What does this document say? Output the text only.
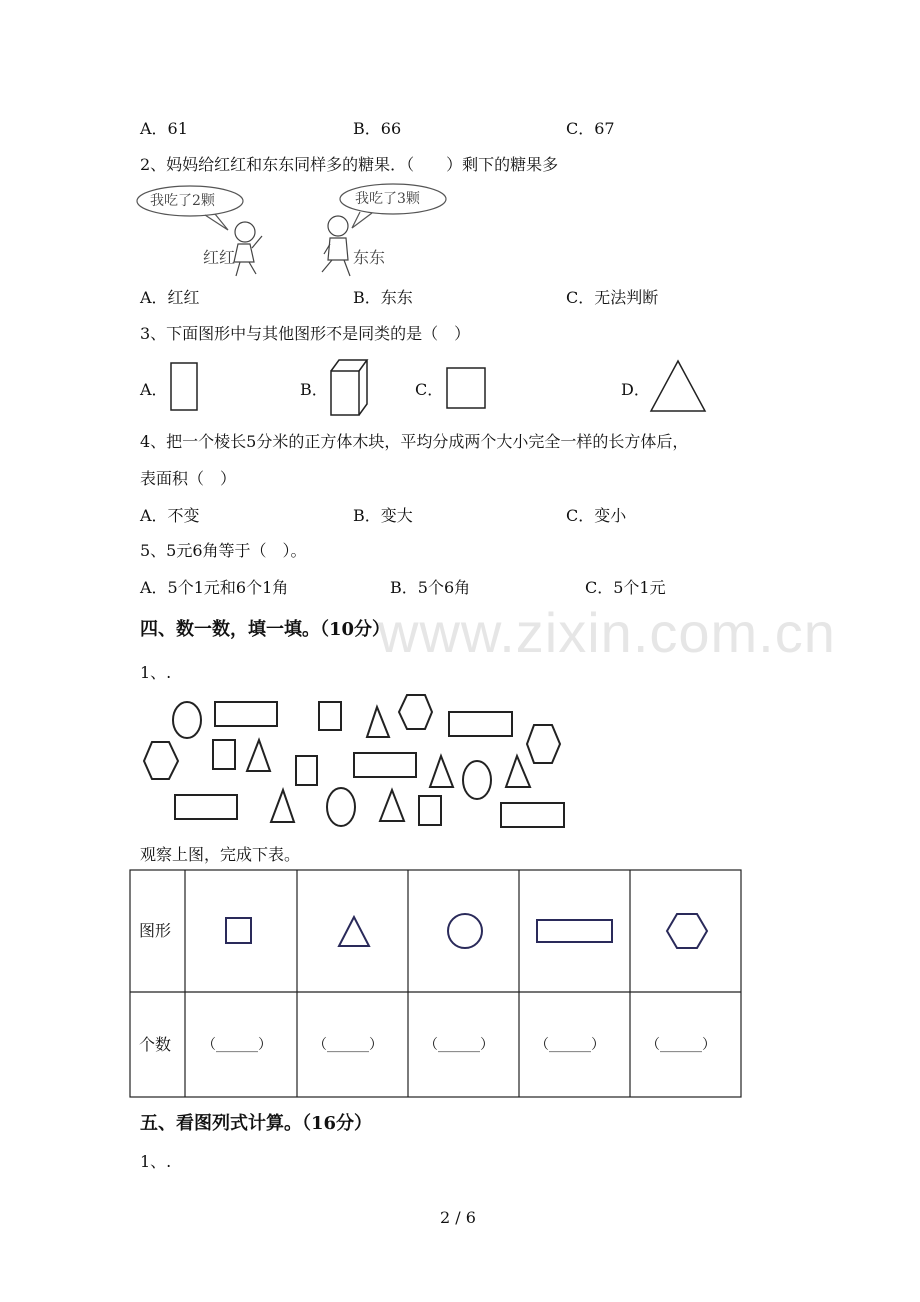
www.zixin.com.cn
A．61	B．66	C．67
2、妈妈给红红和东东同样多的糖果．（　　）剩下的糖果多
红红	东东
我吃了2颗	我吃了3颗
A．红红	B．东东	C．无法判断
3、下面图形中与其他图形不是同类的是（　）
A．	B．	C．	D．
4、把一个棱长5分米的正方体木块，平均分成两个大小完全一样的长方体后，
表面积（　）
A．不变	B．变大	C．变小
5、5元6角等于（　）。
A．5个1元和6个1角	B．5个6角	C．5个1元
四、数一数，填一填。（10分）
1、.
观察上图，完成下表。
图形
个数 （______）	（______）	（______）	（______）	（______）
五、看图列式计算。（16分）
1、.
2 / 6
